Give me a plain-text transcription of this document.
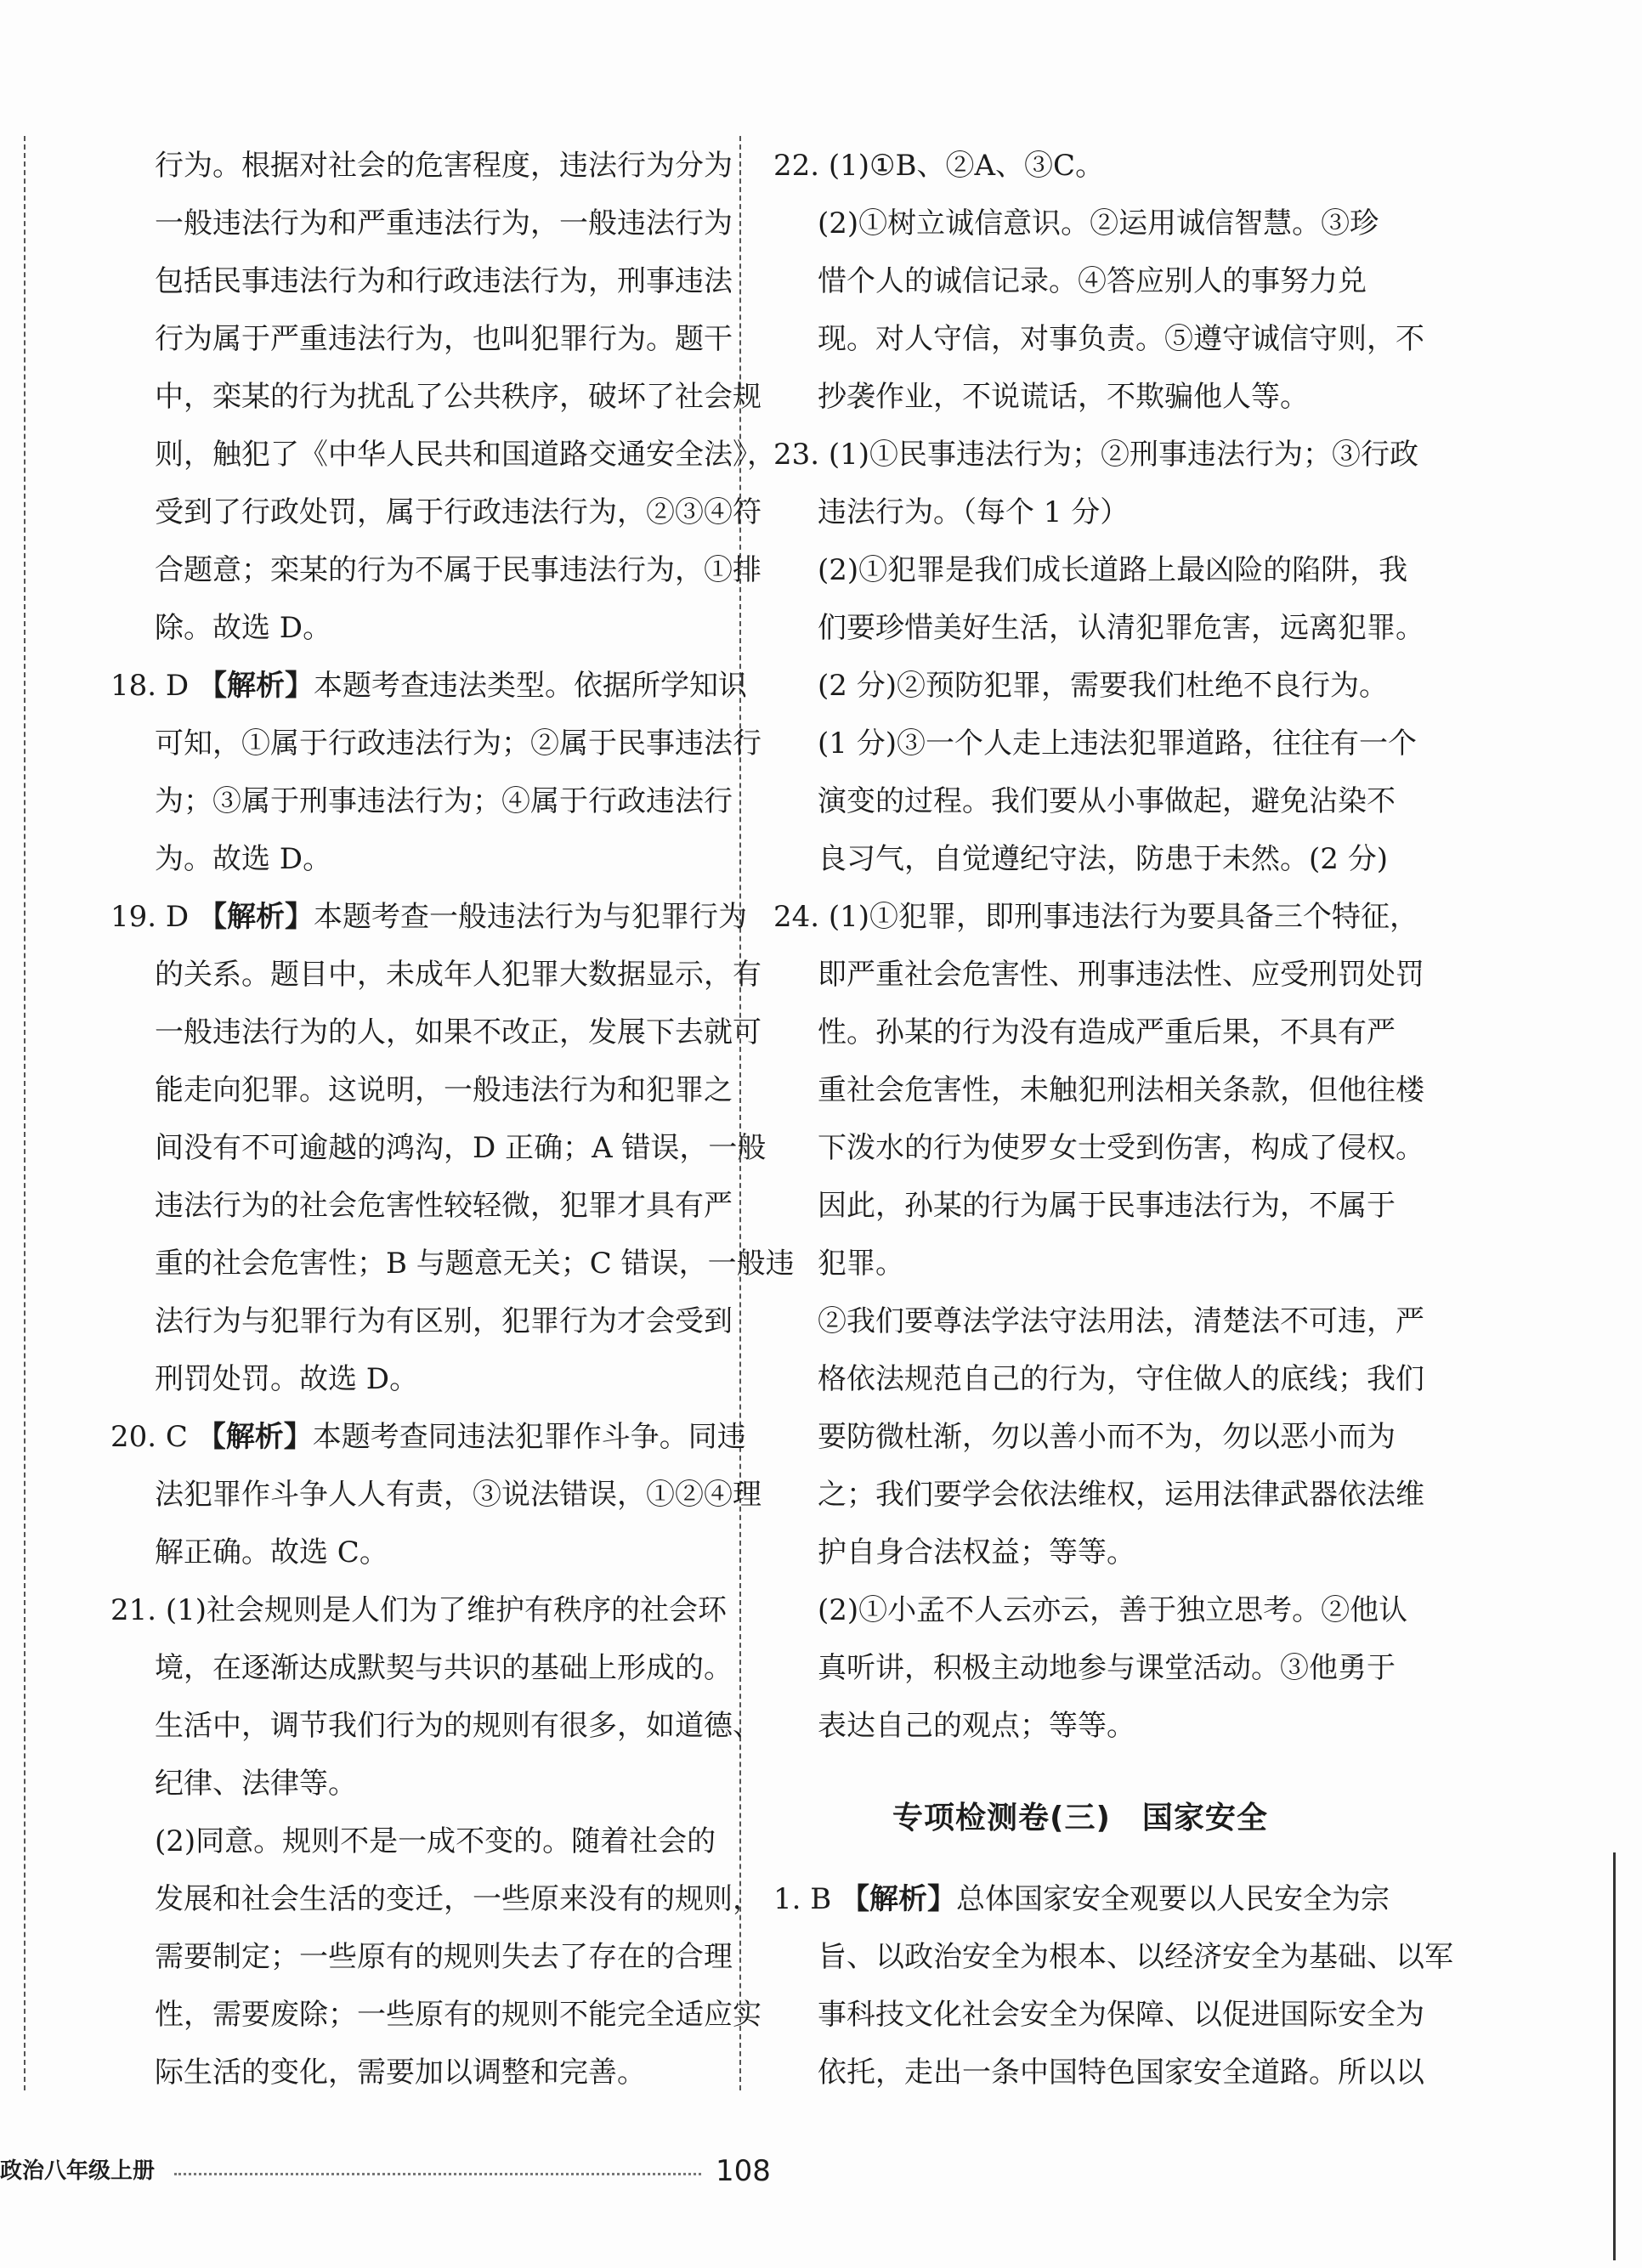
行为。根据对社会的危害程度，违法行为分为
一般违法行为和严重违法行为，一般违法行为
包括民事违法行为和行政违法行为，刑事违法
行为属于严重违法行为，也叫犯罪行为。题干
中，栾某的行为扰乱了公共秩序，破坏了社会规
则，触犯了《中华人民共和国道路交通安全法》，
受到了行政处罚，属于行政违法行为，②③④符
合题意；栾某的行为不属于民事违法行为，①排
除。故选 D。
18. D 【解析】本题考查违法类型。依据所学知识
可知，①属于行政违法行为；②属于民事违法行
为；③属于刑事违法行为；④属于行政违法行
为。故选 D。
19. D 【解析】本题考查一般违法行为与犯罪行为
的关系。题目中，未成年人犯罪大数据显示，有
一般违法行为的人，如果不改正，发展下去就可
能走向犯罪。这说明，一般违法行为和犯罪之
间没有不可逾越的鸿沟，D 正确；A 错误，一般
违法行为的社会危害性较轻微，犯罪才具有严
重的社会危害性；B 与题意无关；C 错误，一般违
法行为与犯罪行为有区别，犯罪行为才会受到
刑罚处罚。故选 D。
20. C 【解析】本题考查同违法犯罪作斗争。同违
法犯罪作斗争人人有责，③说法错误，①②④理
解正确。故选 C。
21. (1)社会规则是人们为了维护有秩序的社会环
境，在逐渐达成默契与共识的基础上形成的。
生活中，调节我们行为的规则有很多，如道德、
纪律、法律等。
(2)同意。规则不是一成不变的。随着社会的
发展和社会生活的变迁，一些原来没有的规则，
需要制定；一些原有的规则失去了存在的合理
性，需要废除；一些原有的规则不能完全适应实
际生活的变化，需要加以调整和完善。
22. (1)①B、②A、③C。
(2)①树立诚信意识。②运用诚信智慧。③珍
惜个人的诚信记录。④答应别人的事努力兑
现。对人守信，对事负责。⑤遵守诚信守则，不
抄袭作业，不说谎话，不欺骗他人等。
23. (1)①民事违法行为；②刑事违法行为；③行政
违法行为。（每个 1 分）
(2)①犯罪是我们成长道路上最凶险的陷阱，我
们要珍惜美好生活，认清犯罪危害，远离犯罪。
(2 分)②预防犯罪，需要我们杜绝不良行为。
(1 分)③一个人走上违法犯罪道路，往往有一个
演变的过程。我们要从小事做起，避免沾染不
良习气，自觉遵纪守法，防患于未然。(2 分)
24. (1)①犯罪，即刑事违法行为要具备三个特征，
即严重社会危害性、刑事违法性、应受刑罚处罚
性。孙某的行为没有造成严重后果，不具有严
重社会危害性，未触犯刑法相关条款，但他往楼
下泼水的行为使罗女士受到伤害，构成了侵权。
因此，孙某的行为属于民事违法行为，不属于
犯罪。
②我们要尊法学法守法用法，清楚法不可违，严
格依法规范自己的行为，守住做人的底线；我们
要防微杜渐，勿以善小而不为，勿以恶小而为
之；我们要学会依法维权，运用法律武器依法维
护自身合法权益；等等。
(2)①小孟不人云亦云，善于独立思考。②他认
真听讲，积极主动地参与课堂活动。③他勇于
表达自己的观点；等等。
1. B 【解析】总体国家安全观要以人民安全为宗
旨、以政治安全为根本、以经济安全为基础、以军
事科技文化社会安全为保障、以促进国际安全为
依托，走出一条中国特色国家安全道路。所以以
专项检测卷(三)　国家安全
政治八年级上册	108
